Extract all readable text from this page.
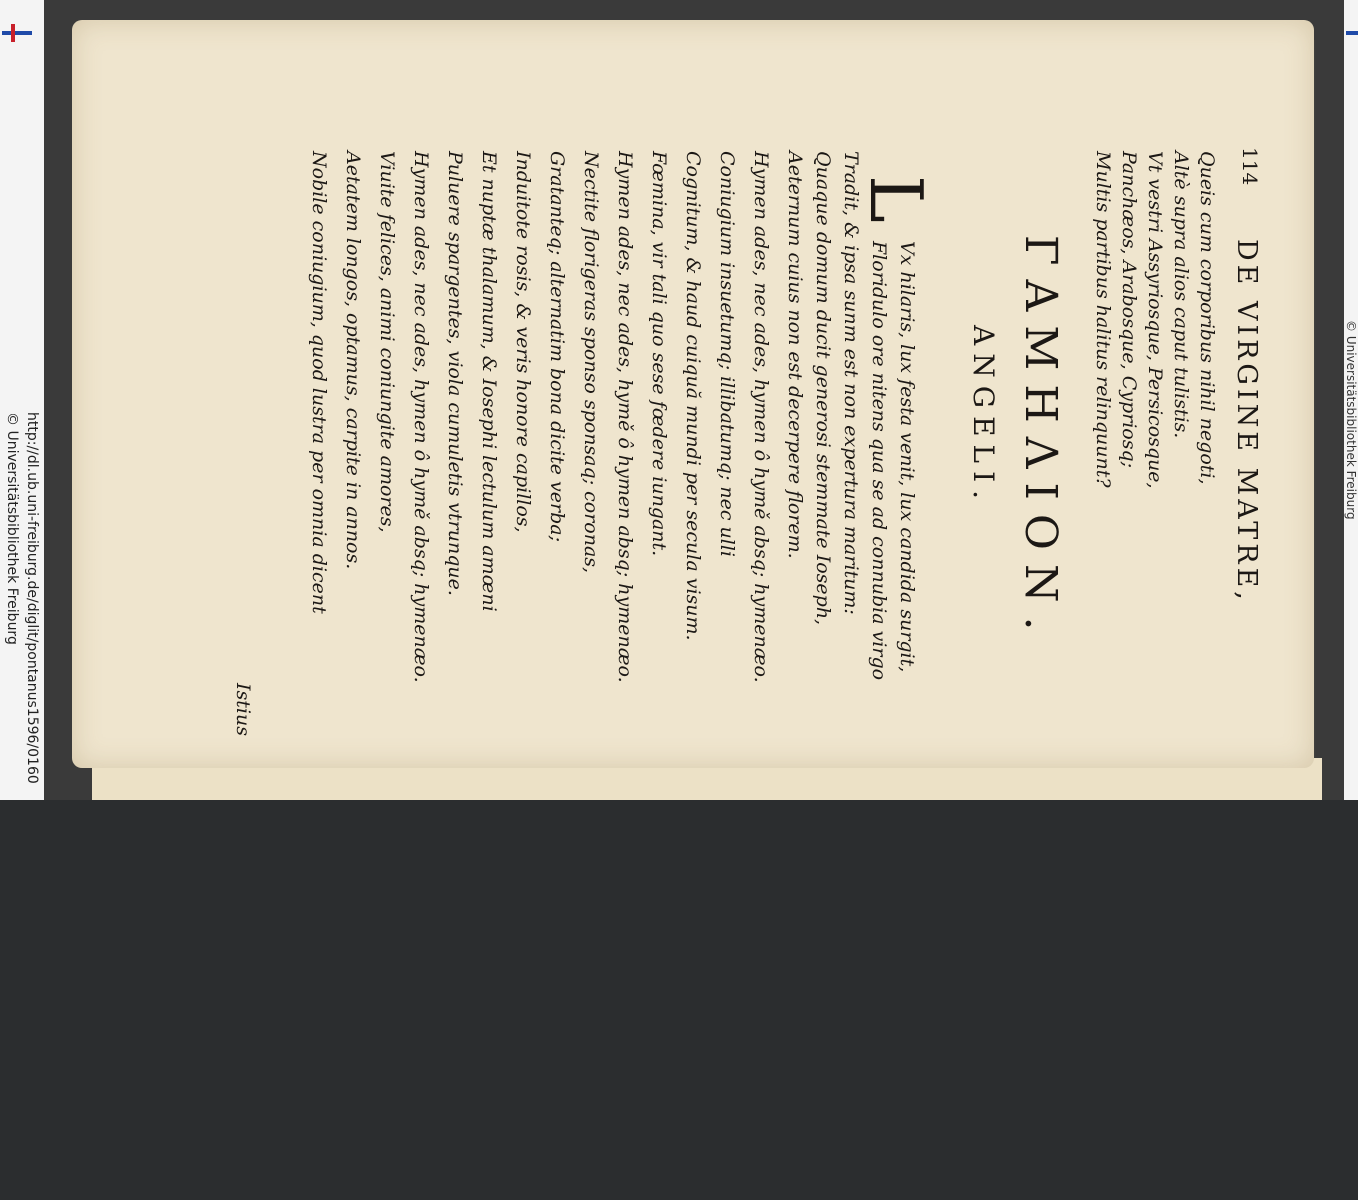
http://dl.ub.uni-freiburg.de/diglit/pontanus1596/0160
© Universitätsbibliothek Freiburg
114
DE VIRGINE MATRE,
Queis cum corporibus nihil negoti,
Altè supra alios caput tulistis.
Vt vestri Assyriosque, Persicosque,
Panchæos, Arabosque, Cypriosq;
Multis partibus halitus relinquunt?
ΓΑΜΗΛΙΟΝ.
ANGELI.
L
Vx hilaris, lux festa venit, lux candida surgit,
Floridulo ore nitens qua se ad connubia virgo
Tradit, & ipsa sunm est non expertura maritum:
Quaque domum ducit generosi stemmate Ioseph,
Aeternum cuius non est decerpere florem.
Hymen ades, nec ades, hymen ô hymě absq; hymenæo.
Coniugium insuetumq; illibatumq; nec ulli
Cognitum, & haud cuiquă mundi per secula visum.
Fœmina, vir tali quo sese fœdere iungant.
Hymen ades, nec ades, hymě ô hymen absq; hymenæo.
Nectite florigeras sponso sponsaq; coronas,
Gratanteq; alternatim bona dicite verba;
Induitote rosis, & veris honore capillos,
Et nuptæ thalamum, & Iosephi lectulum amœni
Puluere spargentes, viola cumuletis vtrunque.
Hymen ades, nec ades, hymen ô hymě absq; hymenæo.
Viuite felices, animi coniungite amores,
Aetatem longos, optamus, carpite in annos.
Nobile coniugium, quod lustra per omnia dicent
Istius
© Universitätsbibliothek Freiburg
